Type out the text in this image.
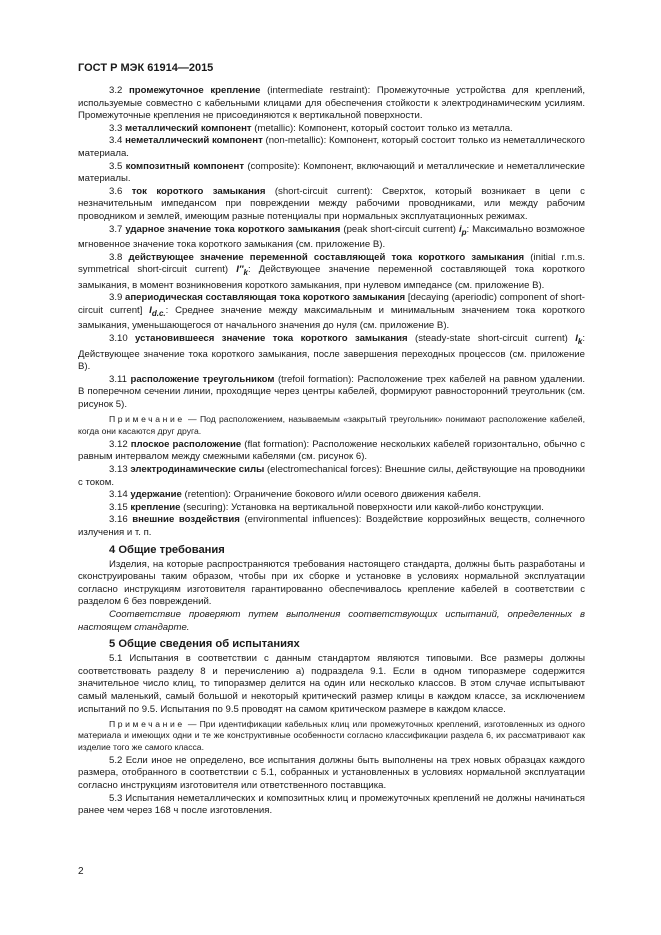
ГОСТ Р МЭК 61914—2015

3.2 промежуточное крепление (intermediate restraint): Промежуточные устройства для креплений, используемые совместно с кабельными клицами для обеспечения стойкости к электродинамическим усилиям. Промежуточные крепления не присоединяются к вертикальной поверхности.

3.3 металлический компонент (metallic): Компонент, который состоит только из металла.

3.4 неметаллический компонент (non-metallic): Компонент, который состоит только из неметаллического материала.

3.5 композитный компонент (composite): Компонент, включающий и металлические и неметаллические материалы.

3.6 ток короткого замыкания (short-circuit current): Сверхток, который возникает в цепи с незначительным импедансом при повреждении между рабочими проводниками, или между рабочим проводником и землей, имеющим разные потенциалы при нормальных эксплуатационных режимах.

3.7 ударное значение тока короткого замыкания (peak short-circuit current) $i_p$: Максимально возможное мгновенное значение тока короткого замыкания (см. приложение В).

3.8 действующее значение переменной составляющей тока короткого замыкания (initial r.m.s. symmetrical short-circuit current) $I''_k$: Действующее значение переменной составляющей тока короткого замыкания, в момент возникновения короткого замыкания, при нулевом импедансе (см. приложение В).

3.9 апериодическая составляющая тока короткого замыкания [decaying (aperiodic) component of short-circuit current] $I_{d.c.}$: Среднее значение между максимальным и минимальным значением тока короткого замыкания, уменьшающегося от начального значения до нуля (см. приложение В).

3.10 установившееся значение тока короткого замыкания (steady-state short-circuit current) $I_k$: Действующее значение тока короткого замыкания, после завершения переходных процессов (см. приложение В).

3.11 расположение треугольником (trefoil formation): Расположение трех кабелей на равном удалении. В поперечном сечении линии, проходящие через центры кабелей, формируют равносторонний треугольник (см. рисунок 5).

Примечание — Под расположением, называемым «закрытый треугольник» понимают расположение кабелей, когда они касаются друг друга.

3.12 плоское расположение (flat formation): Расположение нескольких кабелей горизонтально, обычно с равным интервалом между смежными кабелями (см. рисунок 6).

3.13 электродинамические силы (electromechanical forces): Внешние силы, действующие на проводники с током.

3.14 удержание (retention): Ограничение бокового и/или осевого движения кабеля.

3.15 крепление (securing): Установка на вертикальной поверхности или какой-либо конструкции.

3.16 внешние воздействия (environmental influences): Воздействие коррозийных веществ, солнечного излучения и т. п.

4 Общие требования

Изделия, на которые распространяются требования настоящего стандарта, должны быть разработаны и сконструированы таким образом, чтобы при их сборке и установке в условиях нормальной эксплуатации согласно инструкциям изготовителя гарантированно обеспечивалось крепление кабелей в соответствии с разделом 6 без повреждений.

Соответствие проверяют путем выполнения соответствующих испытаний, определенных в настоящем стандарте.

5 Общие сведения об испытаниях

5.1 Испытания в соответствии с данным стандартом являются типовыми. Все размеры должны соответствовать разделу 8 и перечислению а) подраздела 9.1. Если в одном типоразмере содержится значительное число клиц, то типоразмер делится на один или несколько классов. В этом случае испытывают самый маленький, самый большой и некоторый критический размер клицы в каждом классе, за исключением испытаний по 9.5. Испытания по 9.5 проводят на самом критическом размере в каждом классе.

Примечание — При идентификации кабельных клиц или промежуточных креплений, изготовленных из одного материала и имеющих одни и те же конструктивные особенности согласно классификации раздела 6, их рассматривают как изделие того же самого класса.

5.2 Если иное не определено, все испытания должны быть выполнены на трех новых образцах каждого размера, отобранного в соответствии с 5.1, собранных и установленных в условиях нормальной эксплуатации согласно инструкциям изготовителя или ответственного поставщика.

5.3 Испытания неметаллических и композитных клиц и промежуточных креплений не должны начинаться ранее чем через 168 ч после изготовления.

2
